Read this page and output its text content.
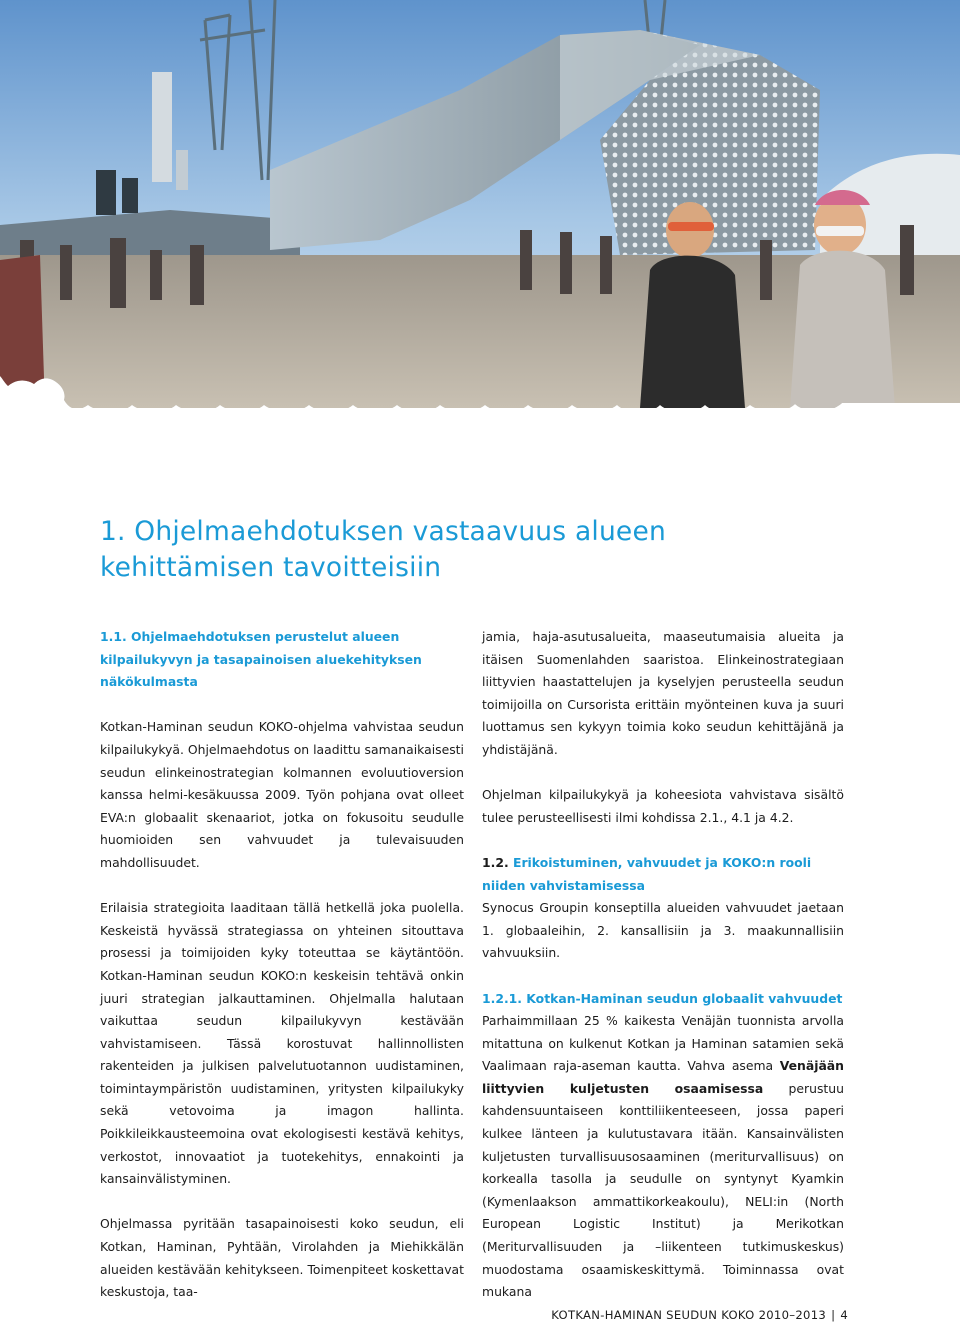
1. Ohjelmaehdotuksen vastaavuus alueen
kehittämisen tavoitteisiin
1.1. Ohjelmaehdotuksen perustelut alueen kilpailukyvyn ja tasapainoisen aluekehityksen näkökulmasta

Kotkan-Haminan seudun KOKO-ohjelma vahvistaa seudun kilpailukykyä. Ohjelmaehdotus on laadittu samanaikaisesti seudun elinkeinostrategian kolmannen evoluutioversion kanssa helmi-kesäkuussa 2009. Työn pohjana ovat olleet EVA:n globaalit skenaariot, jotka on fokusoitu seudulle huomioiden sen vahvuudet ja tulevaisuuden mahdollisuudet.

Erilaisia strategioita laaditaan tällä hetkellä joka puolella. Keskeistä hyvässä strategiassa on yhteinen sitouttava prosessi ja toimijoiden kyky toteuttaa se käytäntöön. Kotkan-Haminan seudun KOKO:n keskeisin tehtävä onkin juuri strategian jalkauttaminen. Ohjelmalla halutaan vaikuttaa seudun kilpailukyvyn kestävään vahvistamiseen. Tässä korostuvat hallinnollisten rakenteiden ja julkisen palvelutuotannon uudistaminen, toimintaympäristön uudistaminen, yritysten kilpailukyky sekä vetovoima ja imagon hallinta. Poikkileikkausteemoina ovat ekologisesti kestävä kehitys, verkostot, innovaatiot ja tuotekehitys, ennakointi ja kansainvälistyminen.

Ohjelmassa pyritään tasapainoisesti koko seudun, eli Kotkan, Haminan, Pyhtään, Virolahden ja Miehikkälän alueiden kestävään kehitykseen. Toimenpiteet koskettavat keskustoja, taa-

jamia, haja-asutusalueita, maaseutumaisia alueita ja itäisen Suomenlahden saaristoa. Elinkeinostrategiaan liittyvien haastattelujen ja kyselyjen perusteella seudun toimijoilla on Cursorista erittäin myönteinen kuva ja suuri luottamus sen kykyyn toimia koko seudun kehittäjänä ja yhdistäjänä.

Ohjelman kilpailukykyä ja koheesiota vahvistava sisältö tulee perusteellisesti ilmi kohdissa 2.1., 4.1 ja 4.2.

1.2. Erikoistuminen, vahvuudet ja KOKO:n rooli niiden vahvistamisessa

Synocus Groupin konseptilla alueiden vahvuudet jaetaan 1. globaaleihin, 2. kansallisiin ja 3. maakunnallisiin vahvuuksiin.

1.2.1. Kotkan-Haminan seudun globaalit vahvuudet

Parhaimmillaan 25 % kaikesta Venäjän tuonnista arvolla mitattuna on kulkenut Kotkan ja Haminan satamien sekä Vaalimaan raja-aseman kautta. Vahva asema Venäjään liittyvien kuljetusten osaamisessa perustuu kahdensuuntaiseen konttiliikenteeseen, jossa paperi kulkee länteen ja kulutustavara itään. Kansainvälisten kuljetusten turvallisuusosaaminen (meriturvallisuus) on korkealla tasolla ja seudulle on syntynyt Kyamkin (Kymenlaakson ammattikorkeakoulu), NELI:in (North European Logistic Institut) ja Merikotkan (Meriturvallisuuden ja –liikenteen tutkimuskeskus) muodostama osaamiskeskittymä. Toiminnassa ovat mukana

KOTKAN-HAMINAN SEUDUN KOKO 2010–2013 | 4
